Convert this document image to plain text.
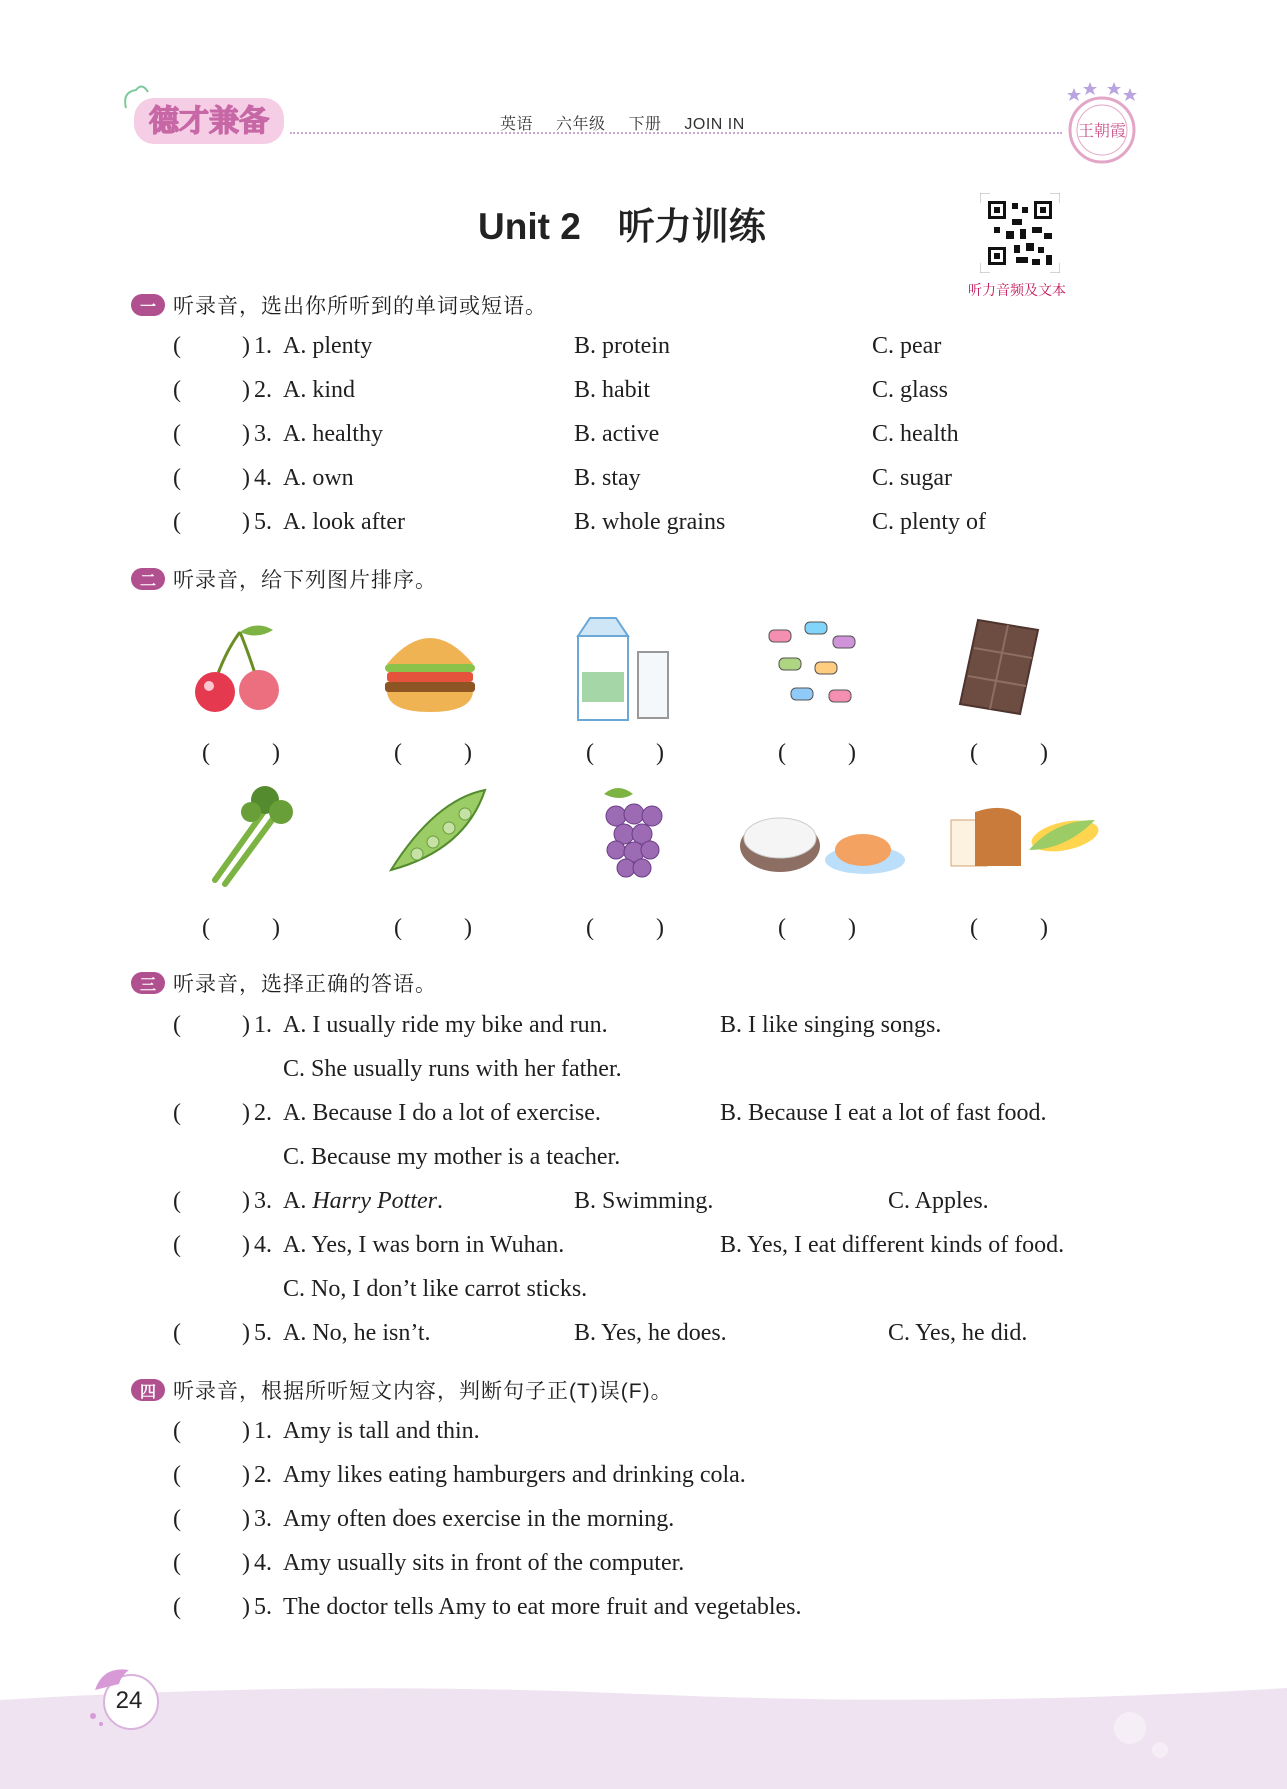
德才兼备	英语 六年级 下册 JOIN IN	王朝霞
Unit 2　听力训练
听力音频及文本
一 听录音，选出你所听到的单词或短语。
(	) 1. A. plenty	B. protein	C. pear
(	) 2. A. kind	B. habit	C. glass
(	) 3. A. healthy	B. active	C. health
(	) 4. A. own	B. stay	C. sugar
(	) 5. A. look after	B. whole grains	C. plenty of
二 听录音，给下列图片排序。
(	)	(	)	(	)	(	)	(	)
(	)	(	)	(	)	(	)	(	)
三 听录音，选择正确的答语。
(	) 1. A. I usually ride my bike and run.	B. I like singing songs.
C. She usually runs with her father.
(	) 2. A. Because I do a lot of exercise.	B. Because I eat a lot of fast food.
C. Because my mother is a teacher.
(	) 3. A. Harry Potter.	B. Swimming.	C. Apples.
(	) 4. A. Yes, I was born in Wuhan.	B. Yes, I eat different kinds of food.
C. No, I don’t like carrot sticks.
(	) 5. A. No, he isn’t.	B. Yes, he does.	C. Yes, he did.
四 听录音，根据所听短文内容，判断句子正(T)误(F)。
(	) 1. Amy is tall and thin.
(	) 2. Amy likes eating hamburgers and drinking cola.
(	) 3. Amy often does exercise in the morning.
(	) 4. Amy usually sits in front of the computer.
(	) 5. The doctor tells Amy to eat more fruit and vegetables.
24
